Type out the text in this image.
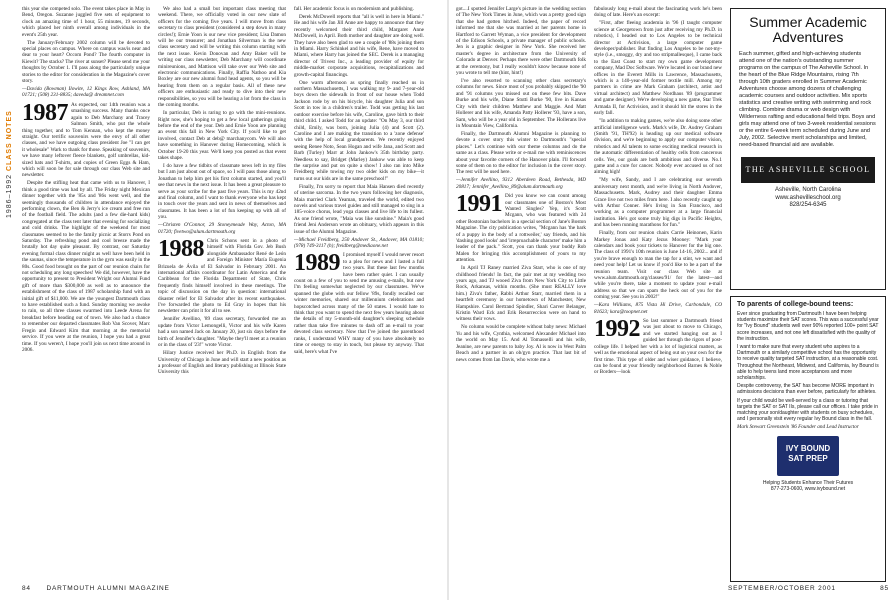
1986–1992 CLASS NOTES

this year she competed solo. The event takes place in May in Bend, Oregon. Suzanne juggled five sets of equipment to clock an amazing time of 1 hour, 55 minutes, 19 seconds, which placed her ninth overall among individuals in the event's 25th year.

The January/February 2002 column will be devoted to special places on campus. Where on campus was/is near and dear to your heart? Occom Pond? The fourth computer in Kiewit? The stacks? The river at sunset? Please send me your thoughts by October 1. I'll pass along the particularly unique stories to the editor for consideration in the Magazine's cover story.

—Davida (Bowman) Ilowite, 12 Kings Row, Ashland, MA 01721; (508) 231-8835; daveda@ dreamnet.com

1987 As expected, our 14th reunion was a smashing success. Many thanks once again to Deb Marchany and Tracey Salmon Smith, who put the whole thing together, and to Tom Kennan, who kept the money straight. Our terrific souvenirs were the envy of all other classes, and we have outgoing class president Joe "I can get it wholesale" Wark to thank for those. Speaking of souvenirs, we have many leftover fleece blankets, golf umbrellas, kid-sized hats and T-shirts, and copies of Green Eggs & Ham, which will soon be for sale through our class Web site and newsletter.

Despite the stifling heat that came with us to Hanover, I think a good time was had by all. The Friday night Mexican dinner together with the '85s and '86s went well, and the seemingly thousands of children in attendance enjoyed the performing clown, the Ben & Jerry's ice cream and free run of the football field. The adults (and a few die-hard kids) congregated at the class tent later that evening for socializing and cold drinks. The highlight of the weekend for most classmates seemed to be the family picnic at Storrs Pond on Saturday. The refreshing pond and cool breeze made the brutally hot day quite pleasant. By contrast, our Saturday evening formal class dinner might as well have been held in the saunas, since the temperature in the gym was easily in the 80s. Good food brought on the part of our reunion chairs for not scheduling any long speeches! We did, however, have the opportunity to present to President Wright our Alumni Fund gift of more than $300,000 as well as to announce the establishment of the class of 1987 scholarship fund with an initial gift of $11,000. We are the youngest Dartmouth class to have established such a fund. Sunday morning we awoke to rain, so all three classes swarmed into Leede Arena for breakfast before heading out of town. We also had a chance to remember our departed classmates Rob Van Scover, Marc Fregin and Edward Kim that morning at the memorial service. If you were at the reunion, I hope you had a great time. If you weren't, I hope you'll join us next time around in 2006.

We also had a small but important class meeting that weekend. There, we officially voted in our new slate of officers for the coming five years. I will move from class secretary to class president (considered a step down in many circles!); Ernie Yoon is our new vice president; Lisa Damon will be our treasurer; and Jonathan Silverman is the new class secretary and will be writing this column starting with the next issue. Kevin Donovan and Amy Baker will be writing our class newsletter, Deb Marchany will coordinate minireunions, and Mattison will take over our Web site and electronic communications. Finally, Raffia Nathoo and Kia Boxley are our new alumni fund head agents, so you will be hearing from them on a regular basis. All of these new officers are enthusiastic and ready to dive into their new responsibilities, so you will be hearing a lot from the class in the coming months.

In particular, Deb is raring to go with the mini-reunions. Right now, she's hoping to get a few local gatherings going before the end of the year. Deb and Ernie Yoon are planning an event this fall in New York City. If you'd like to get involved, contact Deb at deb@ marchanycom. We will also have something in Hanover during Homecoming, which is October 19-20 this year. We'll keep you posted as that event takes shape.

I do have a few tidbits of classmate news left in my files but I am just about out of space, so I will pass those along to Jonathan to help him get his first column started, and you'll see that news in the next issue. It has been a great pleasure to serve as your scribe for the past five years. This is my 42nd and final column, and I want to thank everyone who has kept in touch over the years and sent in news of themselves and classmates. It has been a lot of fun keeping up with all of you.

—Christen O'Connor, 29 Stoneymeade Way, Acton, MA 01720; fivetwo@alum.dartmouth.org

1988 Chris Schons sent in a photo of himself with Florida Gov. Jeb Bush alongside Ambassador René de León and Foreign Minister María Eugenia Brizuela de Ávila of El Salvador in February 2001. An international affairs coordinator for Latin America and the Caribbean for the Florida Department of State, Chris frequently finds himself involved in these meetings. The topic of discussion on the day in question: international disaster relief for El Salvador after its recent earthquakes. I've forwarded the photo to Ed Gray in hopes that his newsletter can print it for all to see.

Jennifer Avellino, '89 class secretary, forwarded me an update from Victor Lemongelli, Victor and his wife Karen had a son named Jack on January 20, just six days before the birth of Jennifer's daughter. "Maybe they'll meet at a reunion or in the class of '23!" wrote Victor.

Hilary Justice received her Ph.D. in English from the University of Chicago in June and will start a new position as a professor of English and literary publishing at Illinois State University this

fall. Her academic focus is on modernism and publishing.

Derek McDowell reports that "all is well in here in Miami." He and his wife Jan Jill Anne are happy to announce that they recently welcomed their third child, Margaret Anne McDowell, in April. Both mother and daughter are doing well. They have also been glad to see a couple of '88s joining them in Miami. Harry Schinkel and his wife, Rene, have moved to Miami, where Harry has joined the SEC. Derek is a managing director of Trivest Inc., a leading provider of equity for middle-market corporate acquisitions, recapitalizations and growth-capital financings.

One warm afternoon as spring finally reached us in northern Massachusetts, I was walking my 9- and 7-year-old boys down the sidewalk in front of our house when Todd Jackson rode by on his bicycle, his daughter Julia and son Scott in tow in a children's trailer. Todd was getting his last outdoor exercise before his wife, Caroline, gave birth to their third child. I asked Todd for an update: "On May 3, our third child, Emily, was born, joining Julia (4) and Scott (2). Caroline and I are making the transition to a 'zone defense' with the help of local grandparents. We recently enjoyed seeing Renee Noto, Sean Hogan and wife Jana, and Scott and Barb (Turley) Marr at John Jankow's 35th birthday party. Needless to say, Bridget (Marley) Jankow was able to keep the surprise and put on quite a show! I also ran into Mike Freidberg while towing my two older kids on my bike—it turns out our kids are in the same preschool!"

Finally, I'm sorry to report that Maia Hansen died recently of uterine sarcoma. In the two years following her diagnosis, Maia married Clark Yeaman, traveled the world, edited two novels and various travel guides and still managed to sing in a 185-voice chorus, lead yoga classes and live life to its fullest. As one friend wrote, "Maia was like sunshine." Maia's good friend Jeni Anderson wrote an obituary, which appears in this issue of the Alumni Magazine.

—Michael Freidberg, 250 Andover St., Andover, MA 01810; (978) 749-3117 (h); freidberg@mediaone.net

1989 I promised myself I would never resort to a plea for news and I lasted a full two years. But these last few months have been rather quiet. I can usually count on a few of you to send me amusing e-mails, but now I'm feeling somewhat neglected by our classmates. We've spanned the globe with our fellow '89s, fondly recalled our winter memories, shared our millennium celebrations and hopscotched across many of the 50 states. I would hate to think that you want to spend the next few years hearing about the details of my 5-month-old daughter's sleeping schedule rather than take five minutes to dash off an e-mail to your devoted class secretary. Now that I've joined the parenthood ranks, I understand WHY many of you have absolutely no time or energy to stay in touch, but please try anyway. That said, here's what I've

84 DARTMOUTH ALUMNI MAGAZINE

got....I spotted Jennifer Large's picture in the wedding section of The New York Times in June, which was a pretty good sign that she had gotten hitched. Indeed, the paper of record informed me that she was married at her parents home in Hartford to Garrett Wyman, a vice president for development of the Edison Schools, a private manager of public schools. Jen is a graphic designer in New York. She received her master's degree in architecture from the University of Colorado at Denver. Perhaps there were other Dartmouth folk at the ceremony, but I really wouldn't know because none of you wrote to tell me (hint, hint!)

I've also resorted to scanning other class secretary's columns for news. Since most of you probably skipped the '90 and '91 columns you missed out on these few bits. Dave Burke and his wife, Diane Stutti Burke '90, live in Kansas City with their children Matthew and Maggie. And Matt Hollerer and his wife, Amanda Patty Hollerer '93, have a son, Sam, who will be a year old in September. The Hollerans live in Mountain View, California.

Finally, the Dartmouth Alumni Magazine is planning to devote a cover story this winter to Dartmouth's "special places." Let's continue with our theme columns and do the same as a class. Please write or e-mail me with reminiscences about your favorite corners of the Hanover plain. I'll forward some of them on to the editor for inclusion in the cover story. The rest will be used here.

—Jennifer Avellino, 9312 Aberdeen Road, Bethesda, MD 20817; Jennifer_Avellino_89@alum.dartmouth.org

1991 Did you know we can count among our classmates one of Boston's Most Wanted Singles? Yep, it's Scott Mcgann, who was featured with 24 other Bostonian bachelors in a special section of Jane's Boston Magazine. The city publication writes, "Mcgann has 'the bark of a puppy in the body of a rottweiler,' say friends, and his 'dashing good looks' and 'irreproachable character' make him a leader of the pack." Scott, you can thank your buddy Rob Malen for bringing this accomplishment of yours to my attention.

In April TJ Raney married Ziva Starr, who is one of my childhood friends! In fact, the pair met at my wedding two years ago, and TJ wooed Ziva from New York City to Little Rock, Arkansas, within months. (She must REALLY love him.) Ziva's father, Rabbi Arthur Starr, married them in a heartfelt ceremony in our hometown of Manchester, New Hampshire. Carol Bertrand Spindler, Shari Carver Belanger, Kristin Ward Eck and Erik Resurreccion were on hand to witness their vows.

No column would be complete without baby news: Michael Yu and his wife, Cynthia, welcomed Alexander Michael into the world on May 15. And Al Tomasselli and his wife, Jeanine, are new parents to baby Joy. Al is now in West Palm Beach and a partner in an ob/gyn practice. That last bit of news comes from Ian Davis, who wrote me a

fabulously long e-mail about the fascinating work he's been doing of late. Here's an excerpt:

"First, after fleeing academia in '96 (I taught computer science at Georgetown from just after receiving my Ph.D. in robotics), I headed out to Los Angeles to be technical director at Activision, a large computer game developer/publisher. But finding Los Angeles to be not-my-style (i.e., smoggy, dry and too stripmallesque), I came back to the East Coast to start my own game development company, Mad Doc Software. We're located in our brand new offices in the Everett Mills in Lawrence, Massachusetts, which is a 140-year-old former textile mill. Among my partners in crime are Mark Graham (architect, artist and virtual architect) and Matthew Nordhaus '89 (programmer and game designer). We're developing a new game, Star Trek Armada II, for Activision, and it should hit the stores in the early fall.

"In addition to making games, we're also doing some other artificial intelligence work. Mark's wife, Dr. Audrey Graham (Smith '91, TH'92) is heading up our medical software division, and we're beginning to apply our computer vision, robotics and AI talents to some exciting medical research in the automatic differentiation of healthy cells from cancerous cells. Yes, our goals are both ambitious and diverse. No.1 game and a cure for cancer. Nobody ever accused us of not aiming high!

"My wife, Sandy, and I are celebrating our seventh anniversary next month, and we're living in North Andover, Massachusetts. Mark, Audrey and their daughter Emma Grace live not two miles from here. I also recently caught up with Arthur Conner. He's living in San Francisco, and working as a computer programmer at a large financial institution. He's got some truly big digs in Pacific Heights, and has been running marathons for fun."

Finally, from our reunion chairs Carrie Heinonen, Karin Markey Jonas and Katy Jezus Mooney: "Mark your calendars and book your tickets to Hanover for the big one. The class of 1991's 10th reunion is June 14-16, 2002... and if you're brave enough to man the tap for a stint, we want and need your help! Let us know if you'd like to be a part of the reunion team. Visit our class Web site at www.alum.dartmouth.org/classes/91/ for the latest—and while you're there, take a moment to update your e-mail address so that we can spam the heck out of you for the coming year. See you in 2002!"

—Kara Williams, 875 Vista Hi Drive, Carbondale, CO 81623; kara@toopnet.net

1992 So last summer a Dartmouth friend was just about to move to Chicago, and we started hanging out as I guided her through the rigors of post-college life. I helped her with a lot of logistical matters, as well as the emotional aspect of being out on your own for the first time. This type of older and wiser guidance, I believe, can be found at your friendly neighborhood Barnes & Noble or Borders—look

Summer Academic
Adventures
Each summer, gifted and high-achieving students attend one of the nation's outstanding summer programs on the campus of The Asheville School. In the heart of the Blue Ridge Mountains, rising 7th through 10th graders enrolled in Summer Academic Adventures choose among dozens of challenging academic courses and outdoor activities. Mix sports statistics and creative writing with swimming and rock climbing. Combine drama or web design with Wilderness rafting and educational field trips. Boys and girls may attend one of two 3-week residential sessions or the entire 6-week term scheduled during June and July, 2002. Selective merit scholarships and limited, need-based financial aid are available.
THE ASHEVILLE SCHOOL
Asheville, North Carolina
www.ashevilleschool.org
828/254-6345
To parents of college-bound teens:

Ever since graduating from Dartmouth I have been helping students maximize their SAT scores. This was a successful year for "Ivy Bound" students well over 90% reported 100+ point SAT score increases, and not one left dissatisfied with the quality of the instruction.

I want to make sure that every student who aspires to a Dartmouth or a similarly competitive school has the opportunity to receive quality targeted SAT instruction, at a reasonable cost. Throughout the Northeast, Midwest, and California, Ivy Bound is able to help teens land more acceptances and more scholarships.

Despite controversy, the SAT has become MORE important in admissions decisions than ever before, particularly for athletes.

If your child would be well-served by a class or tutoring that targets the SAT or SAT IIs, please call our offices. I take pride in matching your son/daughter with students on busy schedules, and I personally visit every regular Ivy Bound class in the fall.

Mark Stewart Greenstein '86 Founder and Lead Instructor
IVY BOUND
SAT PREP
Helping Students Enhance Their Futures
877-273-0600, www.ivybound.net
SEPTEMBER/OCTOBER 2001	85
